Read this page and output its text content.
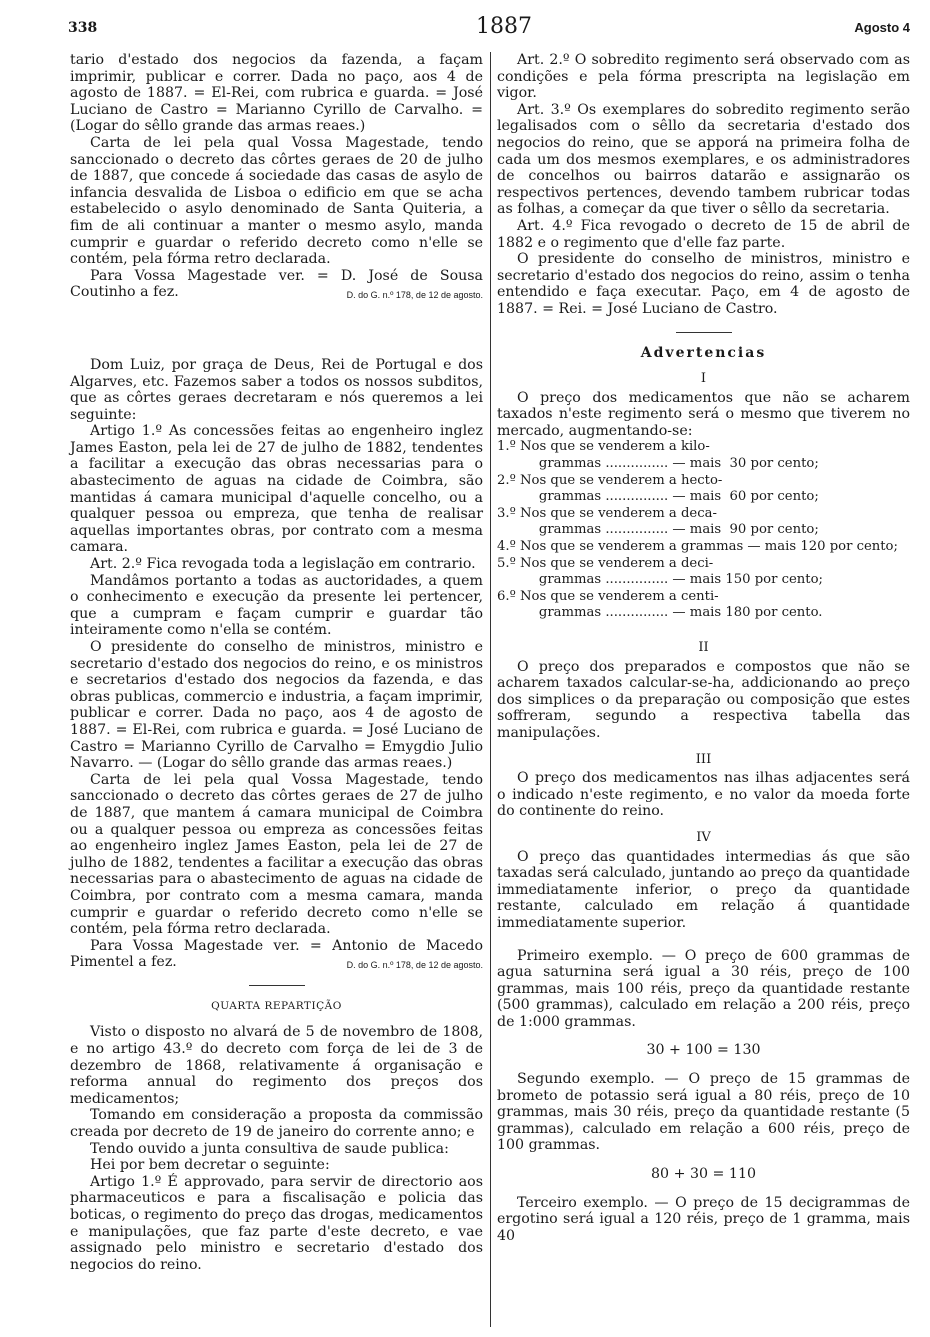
338	1887	Agosto 4

tario d'estado dos negocios da fazenda, a façam imprimir, publicar e correr. Dada no paço, aos 4 de agosto de 1887. = El-Rei, com rubrica e guarda. = José Luciano de Castro = Marianno Cyrillo de Carvalho. = (Logar do sêllo grande das armas reaes.)

Carta de lei pela qual Vossa Magestade, tendo sanccionado o decreto das côrtes geraes de 20 de julho de 1887, que concede á sociedade das casas de asylo de infancia desvalida de Lisboa o edificio em que se acha estabelecido o asylo denominado de Santa Quiteria, a fim de ali continuar a manter o mesmo asylo, manda cumprir e guardar o referido decreto como n'elle se contém, pela fórma retro declarada.

Para Vossa Magestade ver. = D. José de Sousa Coutinho a fez.	D. do G. n.º 178, de 12 de agosto.

Dom Luiz, por graça de Deus, Rei de Portugal e dos Algarves, etc. Fazemos saber a todos os nossos subditos, que as côrtes geraes decretaram e nós queremos a lei seguinte:

Artigo 1.º As concessões feitas ao engenheiro inglez James Easton, pela lei de 27 de julho de 1882, tendentes a facilitar a execução das obras necessarias para o abastecimento de aguas na cidade de Coimbra, são mantidas á camara municipal d'aquelle concelho, ou a qualquer pessoa ou empreza, que tenha de realisar aquellas importantes obras, por contrato com a mesma camara.

Art. 2.º Fica revogada toda a legislação em contrario.

Mandâmos portanto a todas as auctoridades, a quem o conhecimento e execução da presente lei pertencer, que a cumpram e façam cumprir e guardar tão inteiramente como n'ella se contém.

O presidente do conselho de ministros, ministro e secretario d'estado dos negocios do reino, e os ministros e secretarios d'estado dos negocios da fazenda, e das obras publicas, commercio e industria, a façam imprimir, publicar e correr. Dada no paço, aos 4 de agosto de 1887. = El-Rei, com rubrica e guarda. = José Luciano de Castro = Marianno Cyrillo de Carvalho = Emygdio Julio Navarro. — (Logar do sêllo grande das armas reaes.)

Carta de lei pela qual Vossa Magestade, tendo sanccionado o decreto das côrtes geraes de 27 de julho de 1887, que mantem á camara municipal de Coimbra ou a qualquer pessoa ou empreza as concessões feitas ao engenheiro inglez James Easton, pela lei de 27 de julho de 1882, tendentes a facilitar a execução das obras necessarias para o abastecimento de aguas na cidade de Coimbra, por contrato com a mesma camara, manda cumprir e guardar o referido decreto como n'elle se contém, pela fórma retro declarada.

Para Vossa Magestade ver. = Antonio de Macedo Pimentel a fez.	D. do G. n.º 178, de 12 de agosto.

QUARTA REPARTIÇÃO

Visto o disposto no alvará de 5 de novembro de 1808, e no artigo 43.º do decreto com força de lei de 3 de dezembro de 1868, relativamente á organisação e reforma annual do regimento dos preços dos medicamentos;

Tomando em consideração a proposta da commissão creada por decreto de 19 de janeiro do corrente anno; e

Tendo ouvido a junta consultiva de saude publica:

Hei por bem decretar o seguinte:

Artigo 1.º É approvado, para servir de directorio aos pharmaceuticos e para a fiscalisação e policia das boticas, o regimento do preço das drogas, medicamentos e manipulações, que faz parte d'este decreto, e vae assignado pelo ministro e secretario d'estado dos negocios do reino.

Art. 2.º O sobredito regimento será observado com as condições e pela fórma prescripta na legislação em vigor.

Art. 3.º Os exemplares do sobredito regimento serão legalisados com o sêllo da secretaria d'estado dos negocios do reino, que se apporá na primeira folha de cada um dos mesmos exemplares, e os administradores de concelhos ou bairros datarão e assignarão os respectivos pertences, devendo tambem rubricar todas as folhas, a começar da que tiver o sêllo da secretaria.

Art. 4.º Fica revogado o decreto de 15 de abril de 1882 e o regimento que d'elle faz parte.

O presidente do conselho de ministros, ministro e secretario d'estado dos negocios do reino, assim o tenha entendido e faça executar. Paço, em 4 de agosto de 1887. = Rei. = José Luciano de Castro.

Advertencias
I

O preço dos medicamentos que não se acharem taxados n'este regimento será o mesmo que tiverem no mercado, augmentando-se:

1.º Nos que se venderem a kilo-
grammas ............... — mais  30 por cento;
2.º Nos que se venderem a hecto-
grammas ............... — mais  60 por cento;
3.º Nos que se venderem a deca-
grammas ............... — mais  90 por cento;
4.º Nos que se venderem a grammas — mais 120 por cento;
5.º Nos que se venderem a deci-
grammas ............... — mais 150 por cento;
6.º Nos que se venderem a centi-
grammas ............... — mais 180 por cento.
II

O preço dos preparados e compostos que não se acharem taxados calcular-se-ha, addicionando ao preço dos simplices o da preparação ou composição que estes soffreram, segundo a respectiva tabella das manipulações.

III

O preço dos medicamentos nas ilhas adjacentes será o indicado n'este regimento, e no valor da moeda forte do continente do reino.

IV

O preço das quantidades intermedias ás que são taxadas será calculado, juntando ao preço da quantidade immediatamente inferior, o preço da quantidade restante, calculado em relação á quantidade immediatamente superior.

Primeiro exemplo. — O preço de 600 grammas de agua saturnina será igual a 30 réis, preço de 100 grammas, mais 100 réis, preço da quantidade restante (500 grammas), calculado em relação a 200 réis, preço de 1:000 grammas.

30 + 100 = 130

Segundo exemplo. — O preço de 15 grammas de brometo de potassio será igual a 80 réis, preço de 10 grammas, mais 30 réis, preço da quantidade restante (5 grammas), calculado em relação a 600 réis, preço de 100 grammas.

80 + 30 = 110

Terceiro exemplo. — O preço de 15 decigrammas de ergotino será igual a 120 réis, preço de 1 gramma, mais 40
